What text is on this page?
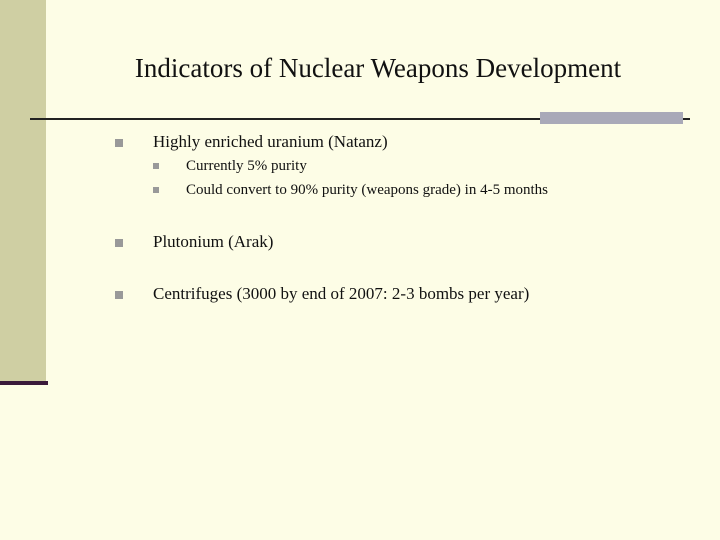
Indicators of Nuclear Weapons Development
Highly enriched uranium (Natanz)
Currently 5% purity
Could convert to 90% purity (weapons grade) in 4-5 months
Plutonium (Arak)
Centrifuges (3000 by end of 2007: 2-3 bombs per year)
